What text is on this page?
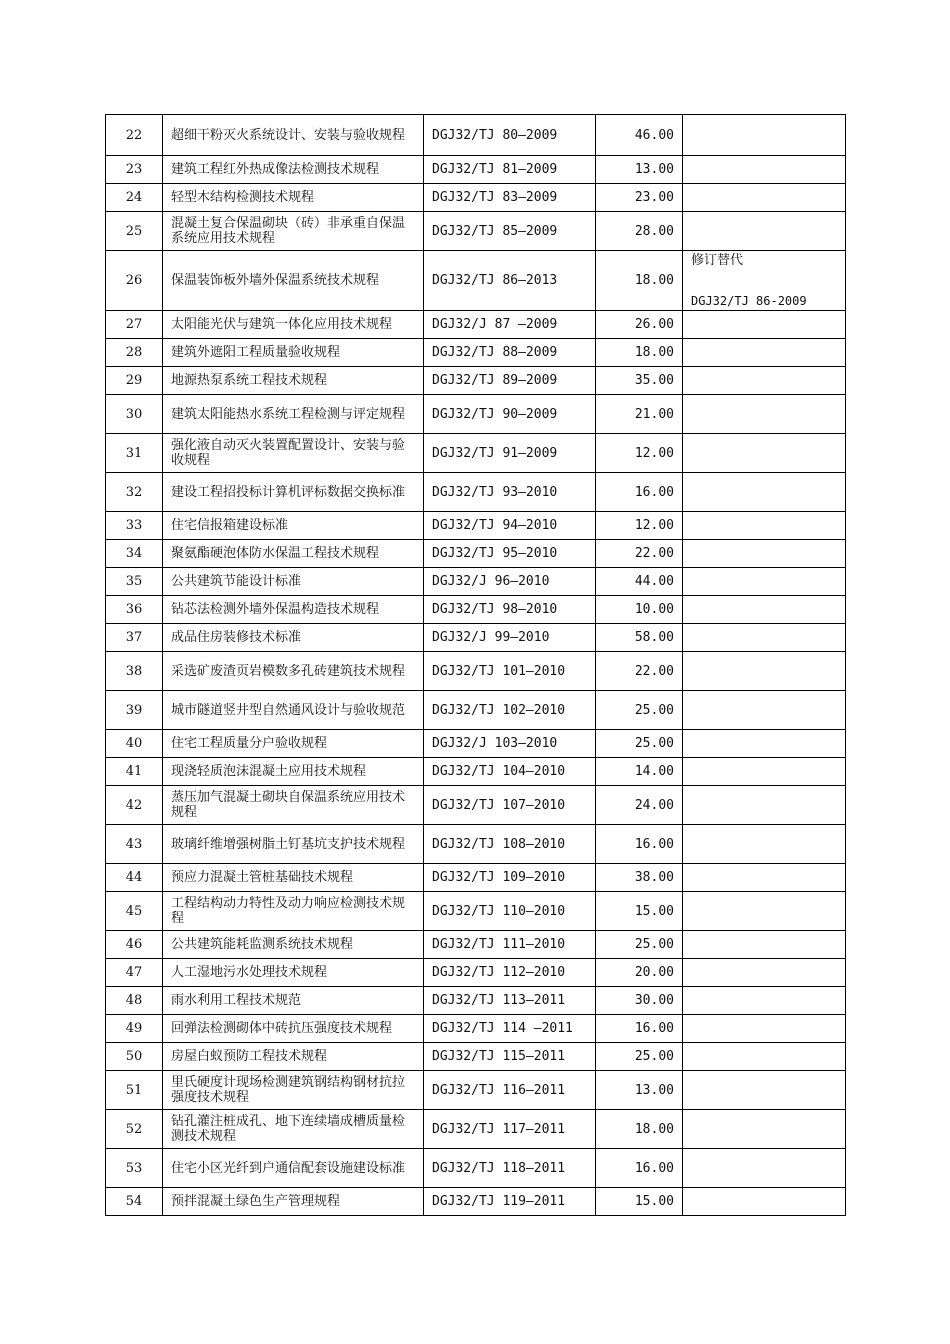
22	超细干粉灭火系统设计、安装与验收规程	DGJ32/TJ 80—2009	46.00	
23	建筑工程红外热成像法检测技术规程	DGJ32/TJ 81—2009	13.00	
24	轻型木结构检测技术规程	DGJ32/TJ 83—2009	23.00	
25	混凝土复合保温砌块（砖）非承重自保温系统应用技术规程	DGJ32/TJ 85—2009	28.00	
26	保温装饰板外墙外保温系统技术规程	DGJ32/TJ 86—2013	18.00	修订替代
DGJ32/TJ 86-2009

27	太阳能光伏与建筑一体化应用技术规程	DGJ32/J 87 —2009	26.00	
28	建筑外遮阳工程质量验收规程	DGJ32/TJ 88—2009	18.00	
29	地源热泵系统工程技术规程	DGJ32/TJ 89—2009	35.00	
30	建筑太阳能热水系统工程检测与评定规程	DGJ32/TJ 90—2009	21.00	
31	强化液自动灭火装置配置设计、安装与验收规程	DGJ32/TJ 91—2009	12.00	
32	建设工程招投标计算机评标数据交换标准	DGJ32/TJ 93—2010	16.00	
33	住宅信报箱建设标准	DGJ32/TJ 94—2010	12.00	
34	聚氨酯硬泡体防水保温工程技术规程	DGJ32/TJ 95—2010	22.00	
35	公共建筑节能设计标准	DGJ32/J 96—2010	44.00	
36	钻芯法检测外墙外保温构造技术规程	DGJ32/TJ 98—2010	10.00	
37	成品住房装修技术标准	DGJ32/J 99—2010	58.00	
38	采选矿废渣页岩模数多孔砖建筑技术规程	DGJ32/TJ 101—2010	22.00	
39	城市隧道竖井型自然通风设计与验收规范	DGJ32/TJ 102—2010	25.00	
40	住宅工程质量分户验收规程	DGJ32/J 103—2010	25.00	
41	现浇轻质泡沫混凝土应用技术规程	DGJ32/TJ 104—2010	14.00	
42	蒸压加气混凝土砌块自保温系统应用技术规程	DGJ32/TJ 107—2010	24.00	
43	玻璃纤维增强树脂土钉基坑支护技术规程	DGJ32/TJ 108—2010	16.00	
44	预应力混凝土管桩基础技术规程	DGJ32/TJ 109—2010	38.00	
45	工程结构动力特性及动力响应检测技术规程	DGJ32/TJ 110—2010	15.00	
46	公共建筑能耗监测系统技术规程	DGJ32/TJ 111—2010	25.00	
47	人工湿地污水处理技术规程	DGJ32/TJ 112—2010	20.00	
48	雨水利用工程技术规范	DGJ32/TJ 113—2011	30.00	
49	回弹法检测砌体中砖抗压强度技术规程	DGJ32/TJ 114 —2011	16.00	
50	房屋白蚁预防工程技术规程	DGJ32/TJ 115—2011	25.00	
51	里氏硬度计现场检测建筑钢结构钢材抗拉强度技术规程	DGJ32/TJ 116—2011	13.00	
52	钻孔灌注桩成孔、地下连续墙成槽质量检测技术规程	DGJ32/TJ 117—2011	18.00	
53	住宅小区光纤到户通信配套设施建设标准	DGJ32/TJ 118—2011	16.00	
54	预拌混凝土绿色生产管理规程	DGJ32/TJ 119—2011	15.00	
